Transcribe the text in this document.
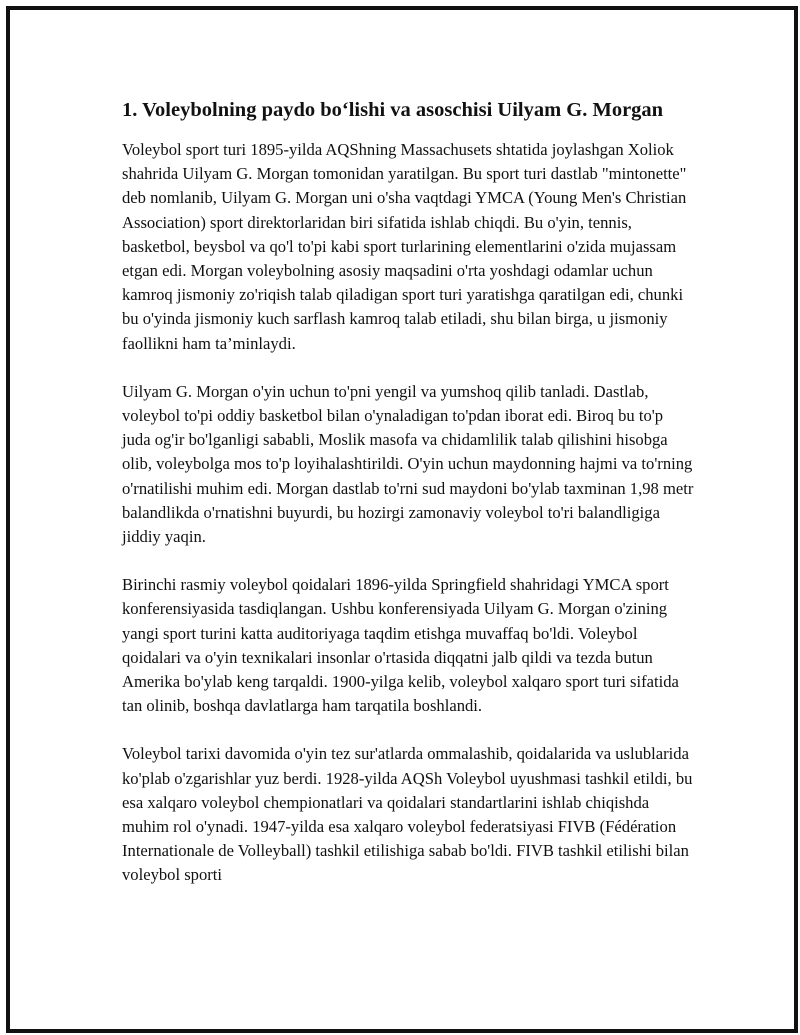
1. Voleybolning paydo bo‘lishi va asoschisi Uilyam G. Morgan

Voleybol sport turi 1895-yilda AQShning Massachusets shtatida joylashgan Xoliok shahrida Uilyam G. Morgan tomonidan yaratilgan. Bu sport turi dastlab "mintonette" deb nomlanib, Uilyam G. Morgan uni o'sha vaqtdagi YMCA (Young Men's Christian Association) sport direktorlaridan biri sifatida ishlab chiqdi. Bu o'yin, tennis, basketbol, beysbol va qo'l to'pi kabi sport turlarining elementlarini o'zida mujassam etgan edi. Morgan voleybolning asosiy maqsadini o'rta yoshdagi odamlar uchun kamroq jismoniy zo'riqish talab qiladigan sport turi yaratishga qaratilgan edi, chunki bu o'yinda jismoniy kuch sarflash kamroq talab etiladi, shu bilan birga, u jismoniy faollikni ham ta’minlaydi.

Uilyam G. Morgan o'yin uchun to'pni yengil va yumshoq qilib tanladi. Dastlab, voleybol to'pi oddiy basketbol bilan o'ynaladigan to'pdan iborat edi. Biroq bu to'p juda og'ir bo'lganligi sababli, Moslik masofa va chidamlilik talab qilishini hisobga olib, voleybolga mos to'p loyihalashtirildi. O'yin uchun maydonning hajmi va to'rning o'rnatilishi muhim edi. Morgan dastlab to'rni sud maydoni bo'ylab taxminan 1,98 metr balandlikda o'rnatishni buyurdi, bu hozirgi zamonaviy voleybol to'ri balandligiga jiddiy yaqin.

Birinchi rasmiy voleybol qoidalari 1896-yilda Springfield shahridagi YMCA sport konferensiyasida tasdiqlangan. Ushbu konferensiyada Uilyam G. Morgan o'zining yangi sport turini katta auditoriyaga taqdim etishga muvaffaq bo'ldi. Voleybol qoidalari va o'yin texnikalari insonlar o'rtasida diqqatni jalb qildi va tezda butun Amerika bo'ylab keng tarqaldi. 1900-yilga kelib, voleybol xalqaro sport turi sifatida tan olinib, boshqa davlatlarga ham tarqatila boshlandi.

Voleybol tarixi davomida o'yin tez sur'atlarda ommalashib, qoidalarida va uslublarida ko'plab o'zgarishlar yuz berdi. 1928-yilda AQSh Voleybol uyushmasi tashkil etildi, bu esa xalqaro voleybol chempionatlari va qoidalari standartlarini ishlab chiqishda muhim rol o'ynadi. 1947-yilda esa xalqaro voleybol federatsiyasi FIVB (Fédération Internationale de Volleyball) tashkil etilishiga sabab bo'ldi. FIVB tashkil etilishi bilan voleybol sporti
